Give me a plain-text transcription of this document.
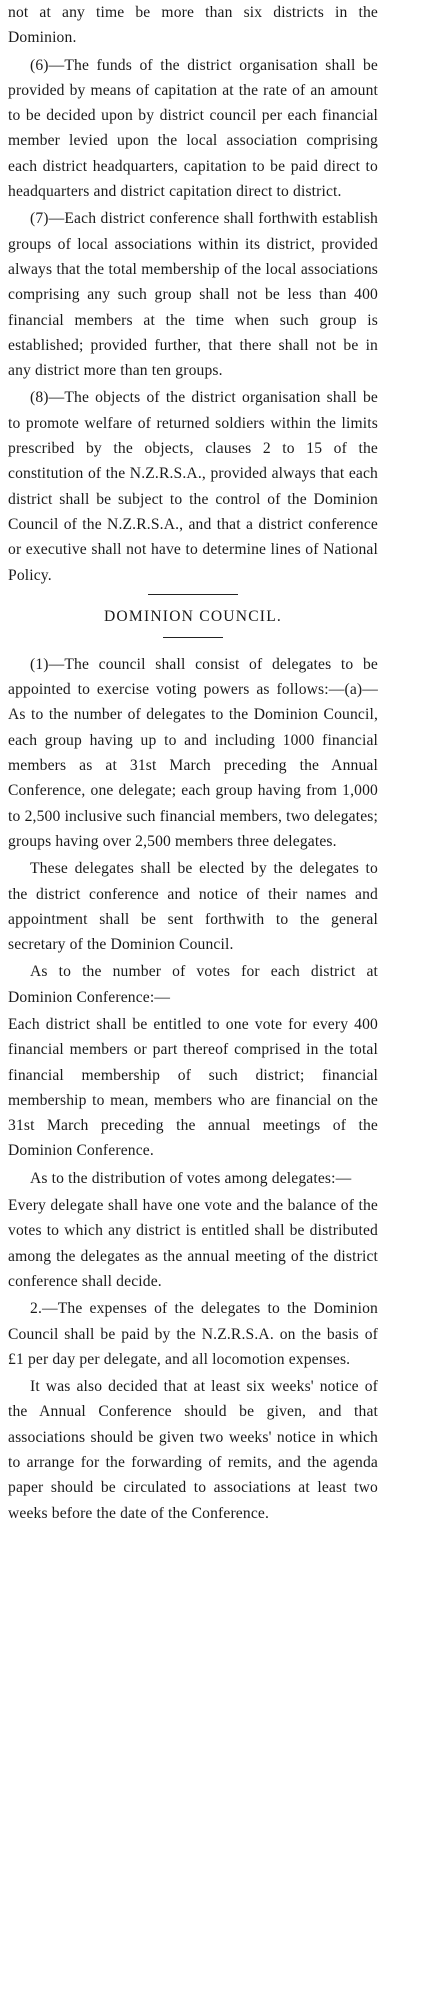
not at any time be more than six districts in the Dominion.

(6)—The funds of the district organisation shall be provided by means of capitation at the rate of an amount to be decided upon by district council per each financial member levied upon the local association comprising each district headquarters, capitation to be paid direct to headquarters and district capitation direct to district.

(7)—Each district conference shall forthwith establish groups of local associations within its district, provided always that the total membership of the local associations comprising any such group shall not be less than 400 financial members at the time when such group is established; provided further, that there shall not be in any district more than ten groups.

(8)—The objects of the district organisation shall be to promote welfare of returned soldiers within the limits prescribed by the objects, clauses 2 to 15 of the constitution of the N.Z.R.S.A., provided always that each district shall be subject to the control of the Dominion Council of the N.Z.R.S.A., and that a district conference or executive shall not have to determine lines of National Policy.

DOMINION COUNCIL.

(1)—The council shall consist of delegates to be appointed to exercise voting powers as follows:—(a)—As to the number of delegates to the Dominion Council, each group having up to and including 1000 financial members as at 31st March preceding the Annual Conference, one delegate; each group having from 1,000 to 2,500 inclusive such financial members, two delegates; groups having over 2,500 members three delegates.

These delegates shall be elected by the delegates to the district conference and notice of their names and appointment shall be sent forthwith to the general secretary of the Dominion Council.

As to the number of votes for each district at Dominion Conference:—

Each district shall be entitled to one vote for every 400 financial members or part thereof comprised in the total financial membership of such district; financial membership to mean, members who are financial on the 31st March preceding the annual meetings of the Dominion Conference.

As to the distribution of votes among delegates:—

Every delegate shall have one vote and the balance of the votes to which any district is entitled shall be distributed among the delegates as the annual meeting of the district conference shall decide.

2.—The expenses of the delegates to the Dominion Council shall be paid by the N.Z.R.S.A. on the basis of £1 per day per delegate, and all locomotion expenses.

It was also decided that at least six weeks' notice of the Annual Conference should be given, and that associations should be given two weeks' notice in which to arrange for the forwarding of remits, and the agenda paper should be circulated to associations at least two weeks before the date of the Conference.
